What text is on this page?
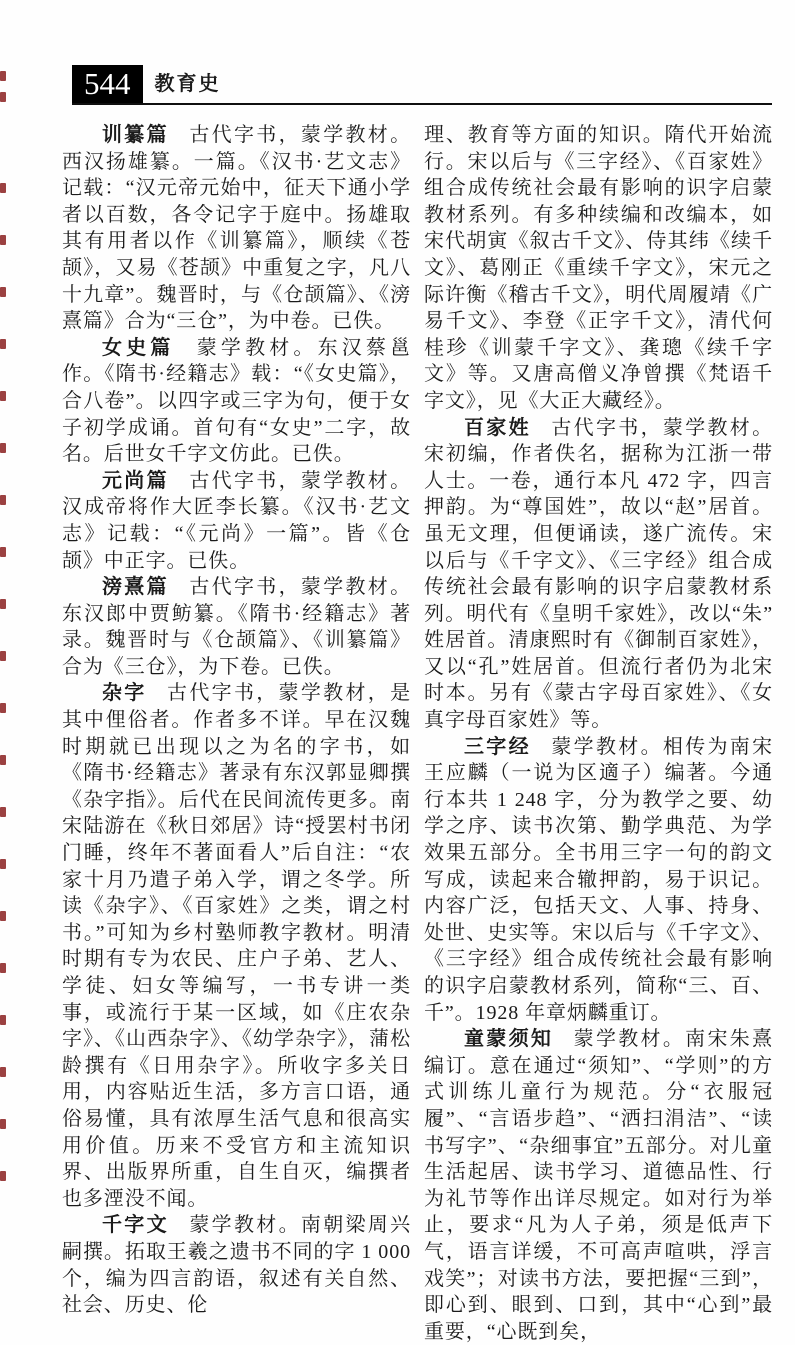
544	教育史

训纂篇 古代字书，蒙学教材。西汉扬雄纂。一篇。《汉书·艺文志》记载：“汉元帝元始中，征天下通小学者以百数，各令记字于庭中。扬雄取其有用者以作《训纂篇》，顺续《苍颉》，又易《苍颉》中重复之字，凡八十九章”。魏晋时，与《仓颉篇》、《滂熹篇》合为“三仓”，为中卷。已佚。

女史篇 蒙学教材。东汉蔡邕作。《隋书·经籍志》载：“《女史篇》，合八卷”。以四字或三字为句，便于女子初学成诵。首句有“女史”二字，故名。后世女千字文仿此。已佚。

元尚篇 古代字书，蒙学教材。汉成帝将作大匠李长纂。《汉书·艺文志》记载：“《元尚》一篇”。皆《仓颉》中正字。已佚。

滂熹篇 古代字书，蒙学教材。东汉郎中贾鲂纂。《隋书·经籍志》著录。魏晋时与《仓颉篇》、《训纂篇》合为《三仓》，为下卷。已佚。

杂字 古代字书，蒙学教材，是其中俚俗者。作者多不详。早在汉魏时期就已出现以之为名的字书，如《隋书·经籍志》著录有东汉郭显卿撰《杂字指》。后代在民间流传更多。南宋陆游在《秋日郊居》诗“授罢村书闭门睡，终年不著面看人”后自注：“农家十月乃遣子弟入学，谓之冬学。所读《杂字》、《百家姓》之类，谓之村书。”可知为乡村塾师教字教材。明清时期有专为农民、庄户子弟、艺人、学徒、妇女等编写，一书专讲一类事，或流行于某一区域，如《庄农杂字》、《山西杂字》、《幼学杂字》，蒲松龄撰有《日用杂字》。所收字多关日用，内容贴近生活，多方言口语，通俗易懂，具有浓厚生活气息和很高实用价值。历来不受官方和主流知识界、出版界所重，自生自灭，编撰者也多湮没不闻。

千字文 蒙学教材。南朝梁周兴嗣撰。拓取王羲之遗书不同的字 1 000 个，编为四言韵语，叙述有关自然、社会、历史、伦

理、教育等方面的知识。隋代开始流行。宋以后与《三字经》、《百家姓》组合成传统社会最有影响的识字启蒙教材系列。有多种续编和改编本，如宋代胡寅《叙古千文》、侍其纬《续千文》、葛刚正《重续千字文》，宋元之际许衡《稽古千文》，明代周履靖《广易千文》、李登《正字千文》，清代何桂珍《训蒙千字文》、龚璁《续千字文》等。又唐高僧义净曾撰《梵语千字文》，见《大正大藏经》。

百家姓 古代字书，蒙学教材。宋初编，作者佚名，据称为江浙一带人士。一卷，通行本凡 472 字，四言押韵。为“尊国姓”，故以“赵”居首。虽无文理，但便诵读，遂广流传。宋以后与《千字文》、《三字经》组合成传统社会最有影响的识字启蒙教材系列。明代有《皇明千家姓》，改以“朱”姓居首。清康熙时有《御制百家姓》，又以“孔”姓居首。但流行者仍为北宋时本。另有《蒙古字母百家姓》、《女真字母百家姓》等。

三字经 蒙学教材。相传为南宋王应麟（一说为区適子）编著。今通行本共 1 248 字，分为教学之要、幼学之序、读书次第、勤学典范、为学效果五部分。全书用三字一句的韵文写成，读起来合辙押韵，易于识记。内容广泛，包括天文、人事、持身、处世、史实等。宋以后与《千字文》、《三字经》组合成传统社会最有影响的识字启蒙教材系列，简称“三、百、千”。1928 年章炳麟重订。

童蒙须知 蒙学教材。南宋朱熹编订。意在通过“须知”、“学则”的方式训练儿童行为规范。分“衣服冠履”、“言语步趋”、“洒扫涓洁”、“读书写字”、“杂细事宜”五部分。对儿童生活起居、读书学习、道德品性、行为礼节等作出详尽规定。如对行为举止，要求“凡为人子弟，须是低声下气，语言详缓，不可高声喧哄，浮言戏笑”；对读书方法，要把握“三到”，即心到、眼到、口到，其中“心到”最重要，“心既到矣，
